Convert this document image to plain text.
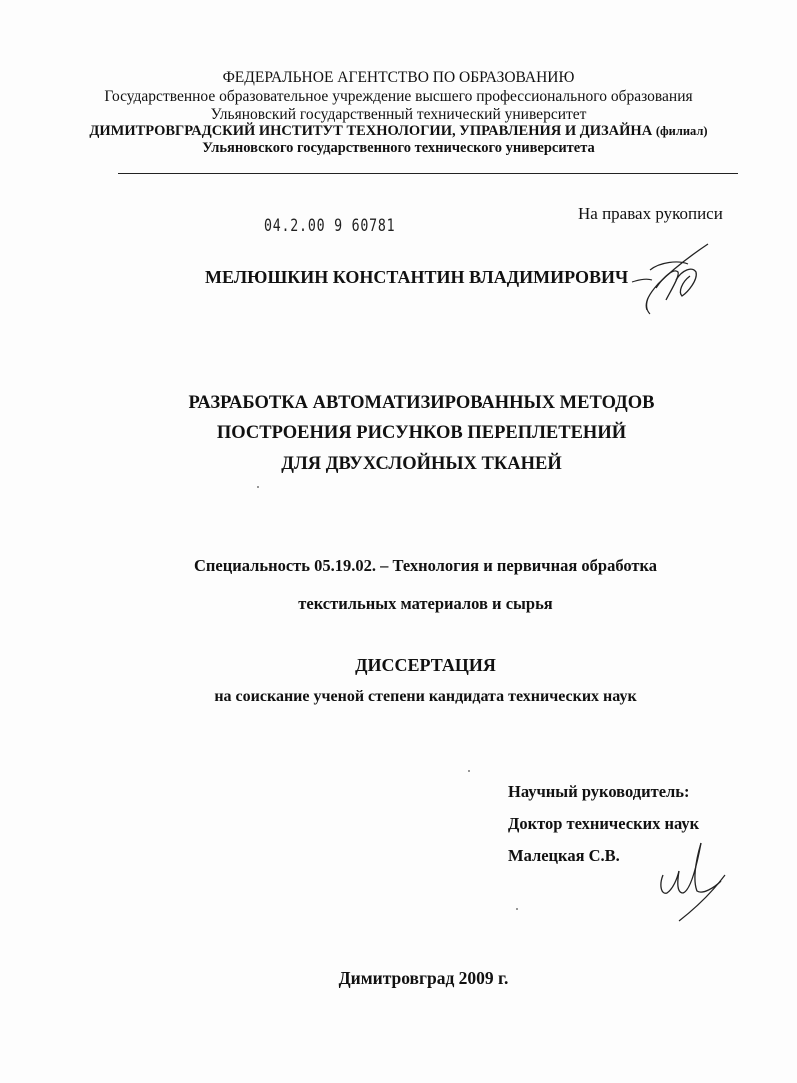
ФЕДЕРАЛЬНОЕ АГЕНТСТВО ПО ОБРАЗОВАНИЮ
Государственное образовательное учреждение высшего профессионального образования
Ульяновский государственный технический университет
ДИМИТРОВГРАДСКИЙ ИНСТИТУТ ТЕХНОЛОГИИ, УПРАВЛЕНИЯ И ДИЗАЙНА (филиал)
Ульяновского государственного технического университета
04.2.00 9 60781
На правах рукописи
МЕЛЮШКИН КОНСТАНТИН ВЛАДИМИРОВИЧ
РАЗРАБОТКА АВТОМАТИЗИРОВАННЫХ МЕТОДОВ
ПОСТРОЕНИЯ РИСУНКОВ ПЕРЕПЛЕТЕНИЙ
ДЛЯ ДВУХСЛОЙНЫХ ТКАНЕЙ
Специальность 05.19.02. – Технология и первичная обработка
текстильных материалов и сырья
ДИССЕРТАЦИЯ
на соискание ученой степени кандидата технических наук
Научный руководитель:
Доктор технических наук
Малецкая С.В.
Димитровград 2009 г.
